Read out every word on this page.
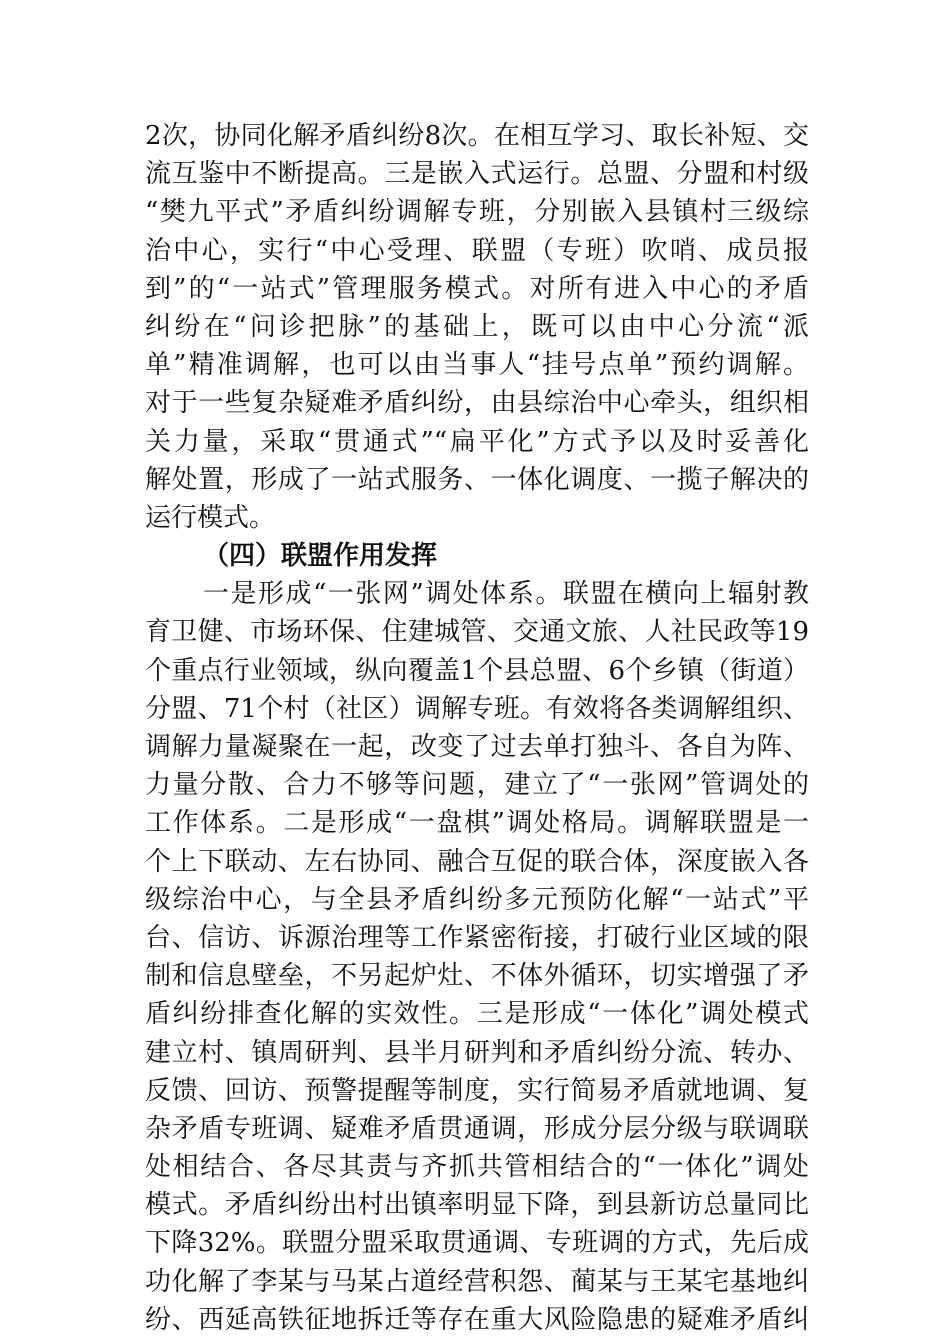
2次，协同化解矛盾纠纷8次。在相互学习、取长补短、交
流互鉴中不断提高。三是嵌入式运行。总盟、分盟和村级
“樊九平式”矛盾纠纷调解专班，分别嵌入县镇村三级综
治中心，实行“中心受理、联盟（专班）吹哨、成员报
到”的“一站式”管理服务模式。对所有进入中心的矛盾
纠纷在“问诊把脉”的基础上，既可以由中心分流“派
单”精准调解，也可以由当事人“挂号点单”预约调解。
对于一些复杂疑难矛盾纠纷，由县综治中心牵头，组织相
关力量，采取“贯通式”“扁平化”方式予以及时妥善化
解处置，形成了一站式服务、一体化调度、一揽子解决的
运行模式。
（四）联盟作用发挥
一是形成“一张网”调处体系。联盟在横向上辐射教
育卫健、市场环保、住建城管、交通文旅、人社民政等19
个重点行业领域，纵向覆盖1个县总盟、6个乡镇（街道）
分盟、71个村（社区）调解专班。有效将各类调解组织、
调解力量凝聚在一起，改变了过去单打独斗、各自为阵、
力量分散、合力不够等问题，建立了“一张网”管调处的
工作体系。二是形成“一盘棋”调处格局。调解联盟是一
个上下联动、左右协同、融合互促的联合体，深度嵌入各
级综治中心，与全县矛盾纠纷多元预防化解“一站式”平
台、信访、诉源治理等工作紧密衔接，打破行业区域的限
制和信息壁垒，不另起炉灶、不体外循环，切实增强了矛
盾纠纷排查化解的实效性。三是形成“一体化”调处模式
建立村、镇周研判、县半月研判和矛盾纠纷分流、转办、
反馈、回访、预警提醒等制度，实行简易矛盾就地调、复
杂矛盾专班调、疑难矛盾贯通调，形成分层分级与联调联
处相结合、各尽其责与齐抓共管相结合的“一体化”调处
模式。矛盾纠纷出村出镇率明显下降，到县新访总量同比
下降32%。联盟分盟采取贯通调、专班调的方式，先后成
功化解了李某与马某占道经营积怨、蔺某与王某宅基地纠
纷、西延高铁征地拆迁等存在重大风险隐患的疑难矛盾纠
